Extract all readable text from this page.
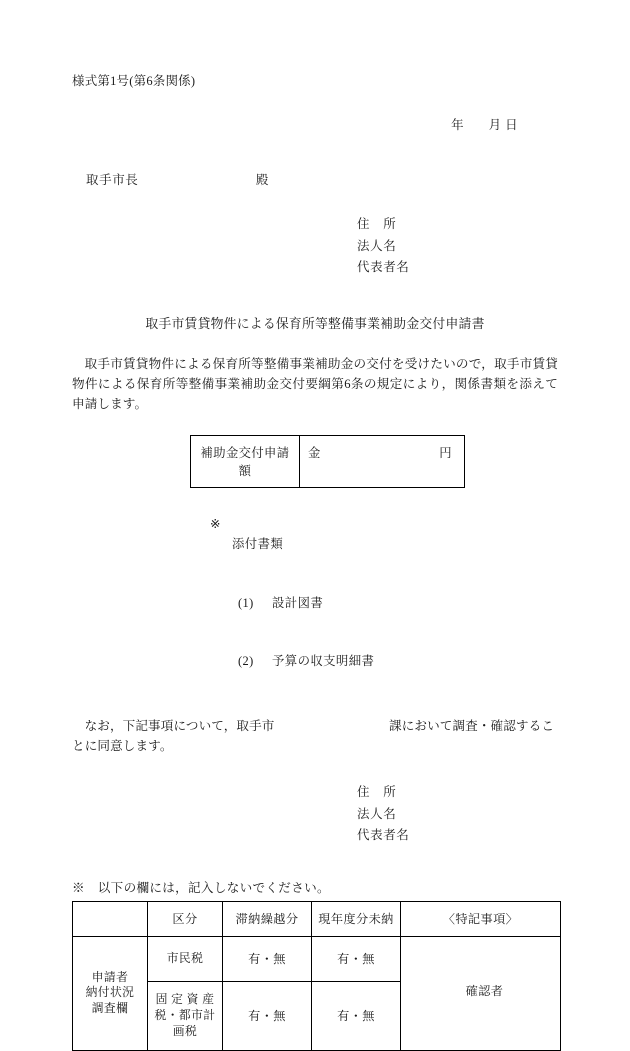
様式第1号(第6条関係)
年 月 日
取手市長	殿
住　所
法人名
代表者名
取手市賃貸物件による保育所等整備事業補助金交付申請書
取手市賃貸物件による保育所等整備事業補助金の交付を受けたいので，取手市賃貸物件による保育所等整備事業補助金交付要綱第6条の規定により，関係書類を添えて申請します。
補助金交付申請額	金	円

※
添付書類

(1) 設計図書

(2) 予算の収支明細書

なお，下記事項について，取手市	課において調査・確認することに同意します。
住　所
法人名
代表者名
※　以下の欄には，記入しないでください。
	区分	滞納繰越分	現年度分未納	〈特記事項〉
申請者
納付状況
調査欄	市民税	有・無	有・無	確認者
	固 定 資 産
税・都市計
画税	有・無	有・無	
